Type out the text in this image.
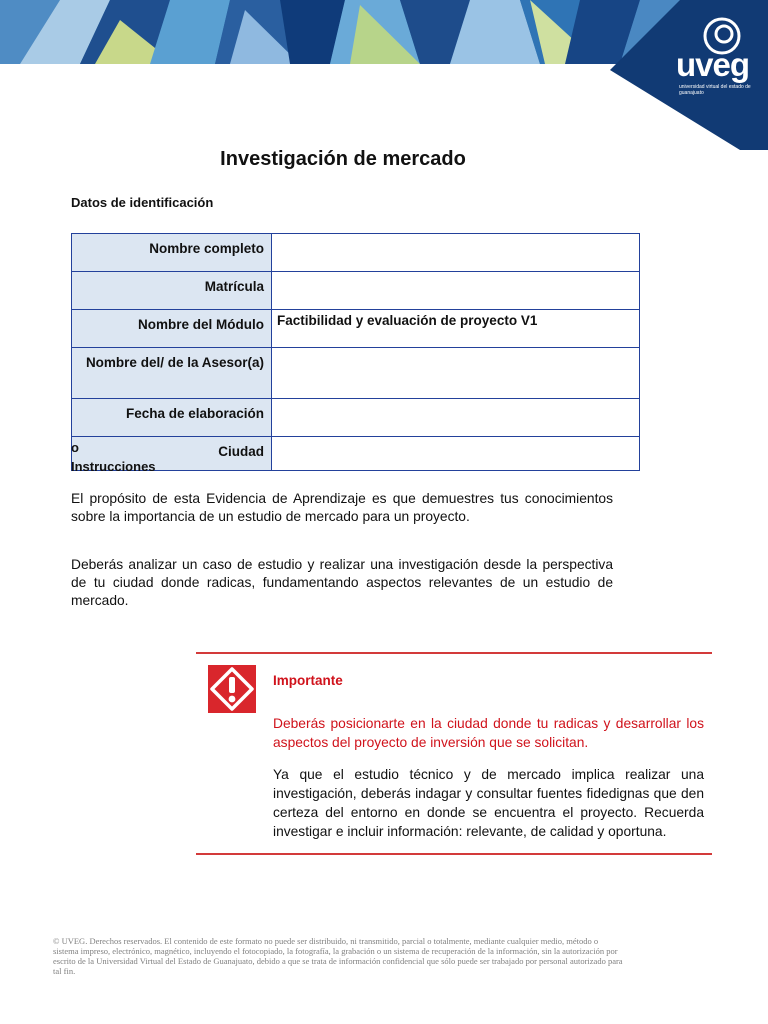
uveg
universidad virtual del estado de guanajuato
Investigación de mercado
Datos de identificación
Nombre completo	
Matrícula	
Nombre del Módulo	Factibilidad y evaluación de proyecto V1
Nombre del/ de la Asesor(a)	
Fecha de elaboración	
Ciudad	
o
Instrucciones
El propósito de esta Evidencia de Aprendizaje es que demuestres tus conocimientos sobre la importancia de un estudio de mercado para un proyecto.
Deberás analizar un caso de estudio y realizar una investigación desde la perspectiva de tu ciudad donde radicas, fundamentando aspectos relevantes de un estudio de mercado.
Importante
Deberás posicionarte en la ciudad donde tu radicas y desarrollar los aspectos del proyecto de inversión que se solicitan.
Ya que el estudio técnico y de mercado implica realizar una investigación, deberás indagar y consultar fuentes fidedignas que den certeza del entorno en donde se encuentra el proyecto. Recuerda investigar e incluir información: relevante, de calidad y oportuna.
© UVEG. Derechos reservados. El contenido de este formato no puede ser distribuido, ni transmitido, parcial o totalmente, mediante cualquier medio, método o sistema impreso, electrónico, magnético, incluyendo el fotocopiado, la fotografía, la grabación o un sistema de recuperación de la información, sin la autorización por escrito de la Universidad Virtual del Estado de Guanajuato, debido a que se trata de información confidencial que sólo puede ser trabajado por personal autorizado para tal fin.
